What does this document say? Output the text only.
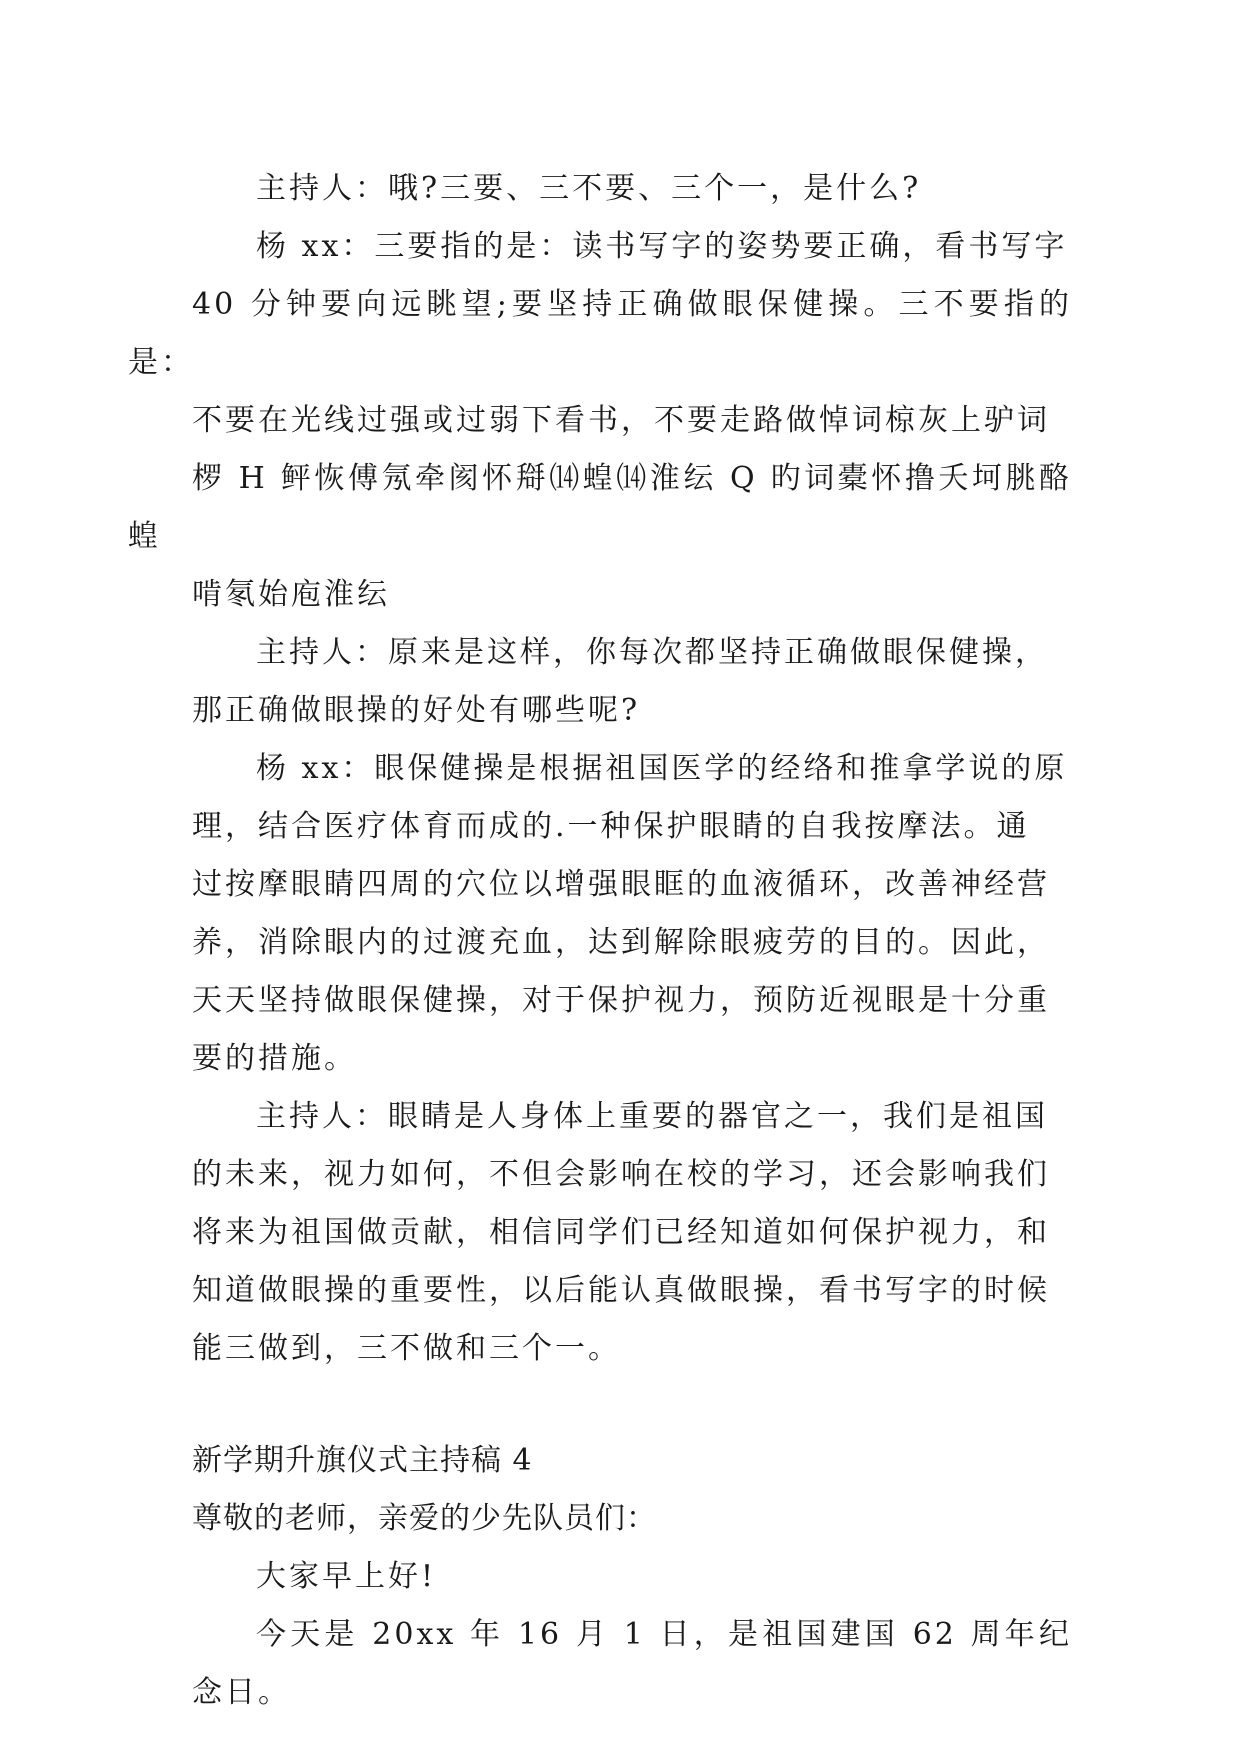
主持人：哦?三要、三不要、三个一，是什么?

杨 xx：三要指的是：读书写字的姿势要正确，看书写字
40 分钟要向远眺望;要坚持正确做眼保健操。三不要指的是：
不要在光线过强或过弱下看书，不要走路做悼词椋灰上驴词
椤 H 鲆恢傅氖牵阂怀搿⒁蝗⒁淮纭 Q 旳词橐怀撸夭坷朓酪蝗
啃氡始庖淮纭

主持人：原来是这样，你每次都坚持正确做眼保健操，
那正确做眼操的好处有哪些呢?

杨 xx：眼保健操是根据祖国医学的经络和推拿学说的原
理，结合医疗体育而成的.一种保护眼睛的自我按摩法。通
过按摩眼睛四周的穴位以增强眼眶的血液循环，改善神经营
养，消除眼内的过渡充血，达到解除眼疲劳的目的。因此，
天天坚持做眼保健操，对于保护视力，预防近视眼是十分重
要的措施。

主持人：眼睛是人身体上重要的器官之一，我们是祖国
的未来，视力如何，不但会影响在校的学习，还会影响我们
将来为祖国做贡献，相信同学们已经知道如何保护视力，和
知道做眼操的重要性，以后能认真做眼操，看书写字的时候
能三做到，三不做和三个一。

新学期升旗仪式主持稿 4

尊敬的老师，亲爱的少先队员们：

大家早上好!

今天是 20xx 年 16 月 1 日，是祖国建国 62 周年纪念日。
